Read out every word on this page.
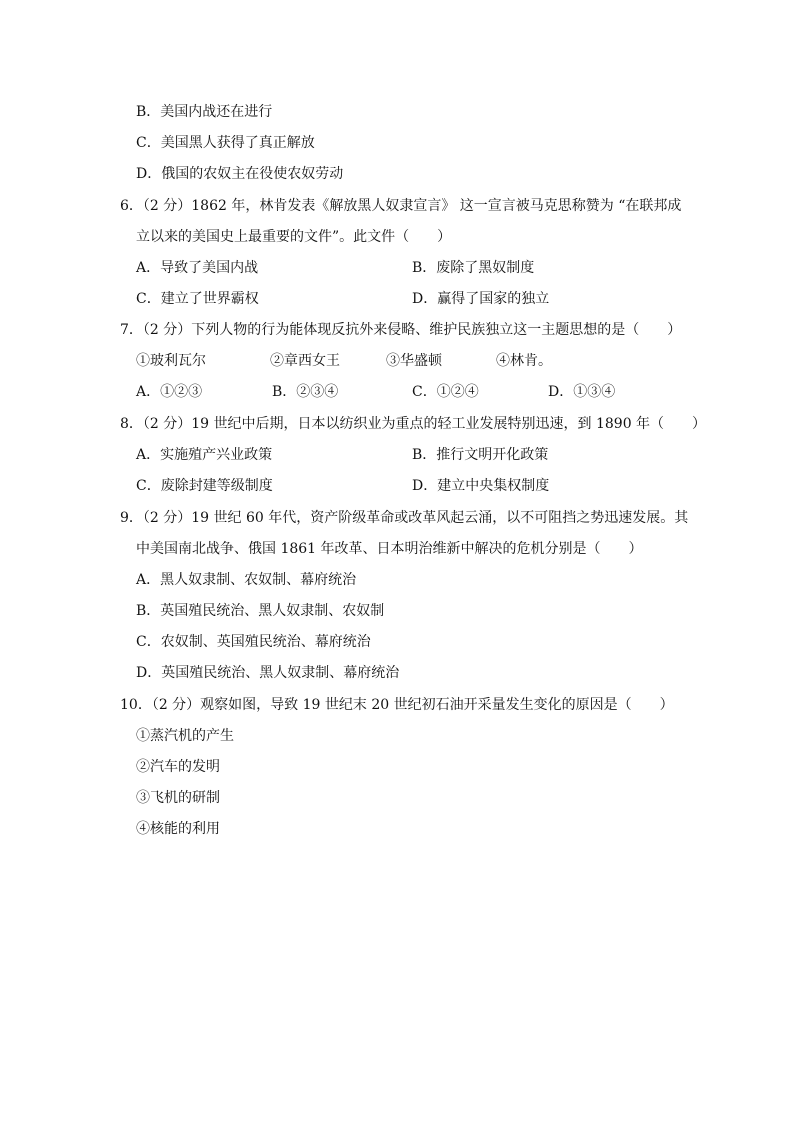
B．美国内战还在进行
C．美国黑人获得了真正解放
D．俄国的农奴主在役使农奴劳动
6．（2 分）1862 年，林肯发表《解放黑人奴隶宣言》 这一宣言被马克思称赞为 “在联邦成
立以来的美国史上最重要的文件”。此文件（　　）
A．导致了美国内战	B．废除了黑奴制度
C．建立了世界霸权	D．赢得了国家的独立
7．（2 分）下列人物的行为能体现反抗外来侵略、维护民族独立这一主题思想的是（　　）
①玻利瓦尔	②章西女王	③华盛顿	④林肯。
A．①②③	B．②③④	C．①②④	D．①③④
8．（2 分）19 世纪中后期，日本以纺织业为重点的轻工业发展特别迅速，到 1890 年（　　）
A．实施殖产兴业政策	B．推行文明开化政策
C．废除封建等级制度	D．建立中央集权制度
9．（2 分）19 世纪 60 年代，资产阶级革命或改革风起云涌，以不可阻挡之势迅速发展。其
中美国南北战争、俄国 1861 年改革、日本明治维新中解决的危机分别是（　　）
A．黑人奴隶制、农奴制、幕府统治
B．英国殖民统治、黑人奴隶制、农奴制
C．农奴制、英国殖民统治、幕府统治
D．英国殖民统治、黑人奴隶制、幕府统治
10．（2 分）观察如图，导致 19 世纪末 20 世纪初石油开采量发生变化的原因是（　　）
①蒸汽机的产生
②汽车的发明
③飞机的研制
④核能的利用
